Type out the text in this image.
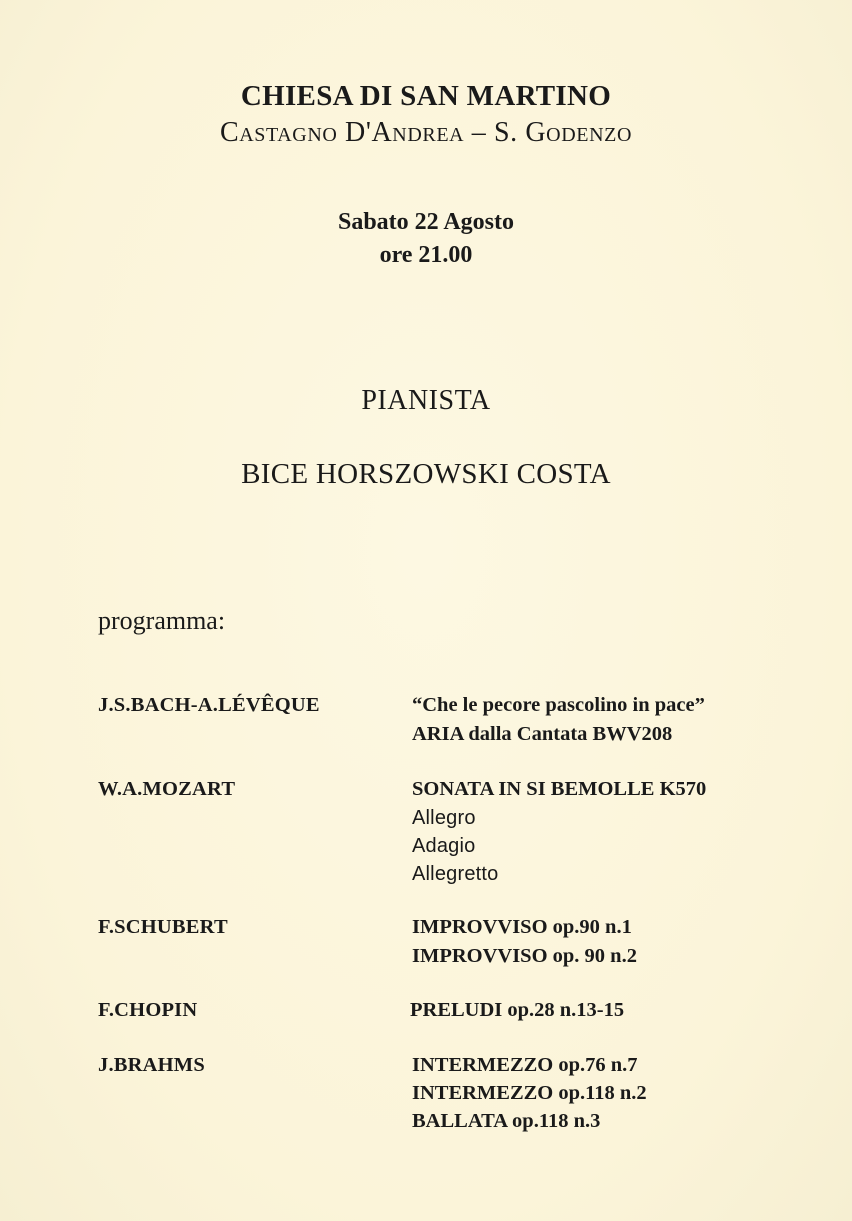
CHIESA DI SAN MARTINO
Castagno D'Andrea – S. Godenzo
Sabato 22 Agosto
ore 21.00
PIANISTA
BICE HORSZOWSKI COSTA
programma:
J.S.BACH-A.LÉVÊQUE	“Che le pecore pascolino in pace”
ARIA dalla Cantata BWV208
W.A.MOZART	SONATA IN SI BEMOLLE K570
Allegro
Adagio
Allegretto
F.SCHUBERT	IMPROVVISO op.90 n.1
IMPROVVISO op. 90 n.2
F.CHOPIN	PRELUDI op.28 n.13-15
J.BRAHMS	INTERMEZZO op.76 n.7
INTERMEZZO op.118 n.2
BALLATA op.118 n.3
